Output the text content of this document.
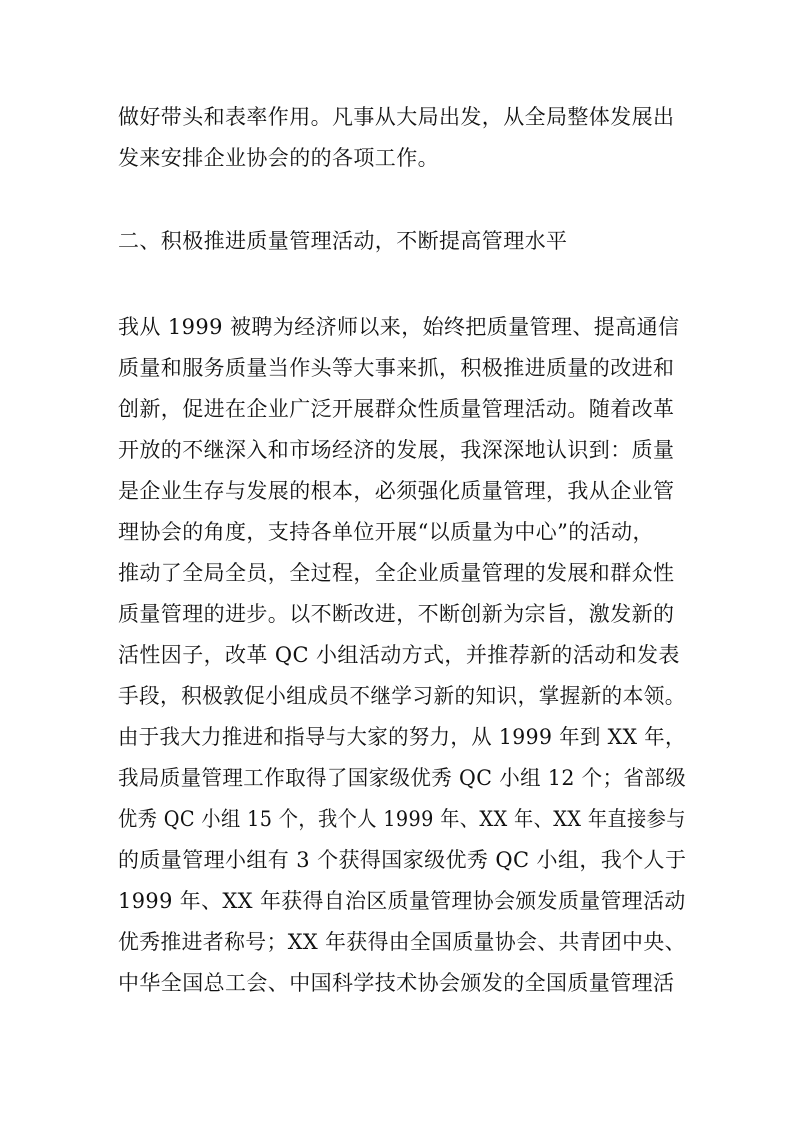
做好带头和表率作用。凡事从大局出发，从全局整体发展出
发来安排企业协会的的各项工作。
二、积极推进质量管理活动，不断提高管理水平
我从 1999 被聘为经济师以来，始终把质量管理、提高通信
质量和服务质量当作头等大事来抓，积极推进质量的改进和
创新，促进在企业广泛开展群众性质量管理活动。随着改革
开放的不继深入和市场经济的发展，我深深地认识到：质量
是企业生存与发展的根本，必须强化质量管理，我从企业管
理协会的角度，支持各单位开展“以质量为中心”的活动，
推动了全局全员，全过程，全企业质量管理的发展和群众性
质量管理的进步。以不断改进，不断创新为宗旨，激发新的
活性因子，改革 QC 小组活动方式，并推荐新的活动和发表
手段，积极敦促小组成员不继学习新的知识，掌握新的本领。
由于我大力推进和指导与大家的努力，从 1999 年到 XX 年，
我局质量管理工作取得了国家级优秀 QC 小组 12 个；省部级
优秀 QC 小组 15 个，我个人 1999 年、XX 年、XX 年直接参与
的质量管理小组有 3 个获得国家级优秀 QC 小组，我个人于
1999 年、XX 年获得自治区质量管理协会颁发质量管理活动
优秀推进者称号；XX 年获得由全国质量协会、共青团中央、
中华全国总工会、中国科学技术协会颁发的全国质量管理活
